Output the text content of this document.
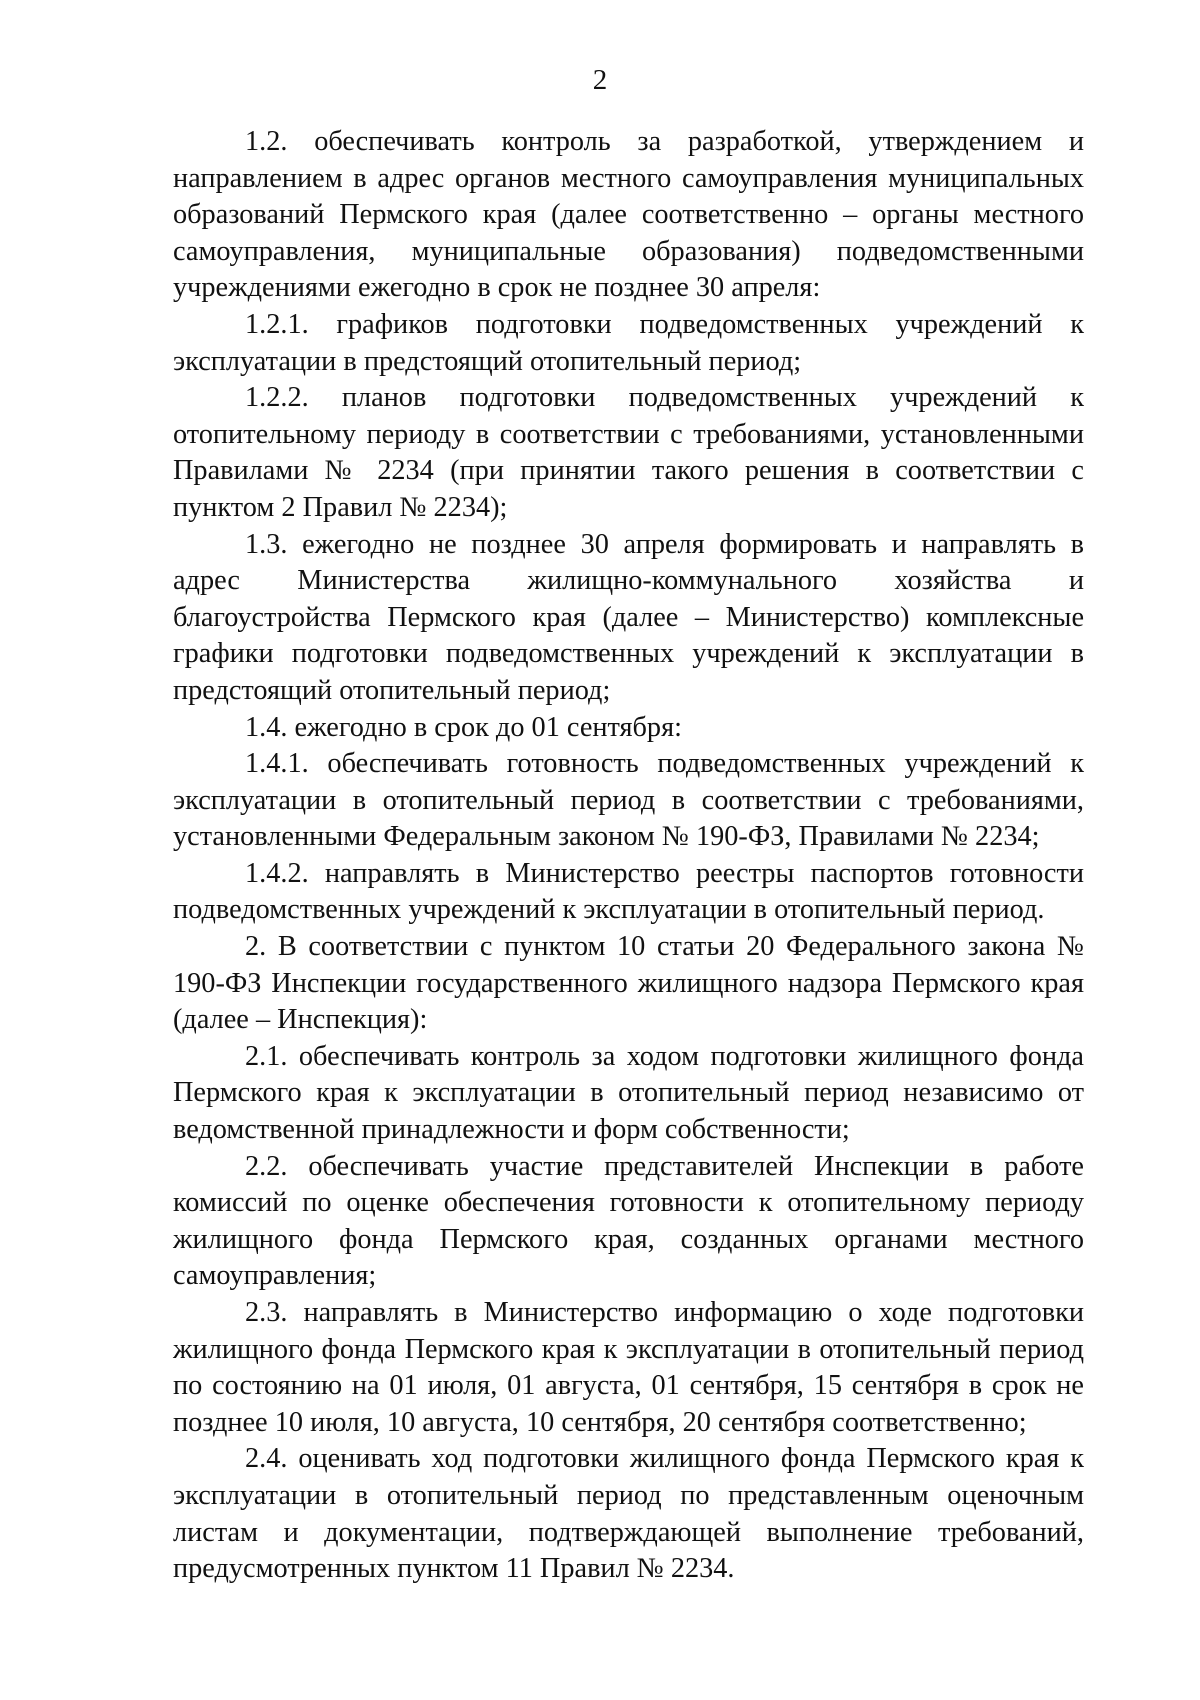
2

1.2. обеспечивать контроль за разработкой, утверждением и направлением в адрес органов местного самоуправления муниципальных образований Пермского края (далее соответственно – органы местного самоуправления, муниципальные образования) подведомственными учреждениями ежегодно в срок не позднее 30 апреля:

1.2.1. графиков подготовки подведомственных учреждений к эксплуатации в предстоящий отопительный период;

1.2.2. планов подготовки подведомственных учреждений к отопительному периоду в соответствии с требованиями, установленными Правилами № 2234 (при принятии такого решения в соответствии с пунктом 2 Правил № 2234);

1.3. ежегодно не позднее 30 апреля формировать и направлять в адрес Министерства жилищно-коммунального хозяйства и благоустройства Пермского края (далее – Министерство) комплексные графики подготовки подведомственных учреждений к эксплуатации в предстоящий отопительный период;

1.4. ежегодно в срок до 01 сентября:

1.4.1. обеспечивать готовность подведомственных учреждений к эксплуатации в отопительный период в соответствии с требованиями, установленными Федеральным законом № 190-ФЗ, Правилами № 2234;

1.4.2. направлять в Министерство реестры паспортов готовности подведомственных учреждений к эксплуатации в отопительный период.

2. В соответствии с пунктом 10 статьи 20 Федерального закона № 190-ФЗ Инспекции государственного жилищного надзора Пермского края (далее – Инспекция):

2.1. обеспечивать контроль за ходом подготовки жилищного фонда Пермского края к эксплуатации в отопительный период независимо от ведомственной принадлежности и форм собственности;

2.2. обеспечивать участие представителей Инспекции в работе комиссий по оценке обеспечения готовности к отопительному периоду жилищного фонда Пермского края, созданных органами местного самоуправления;

2.3. направлять в Министерство информацию о ходе подготовки жилищного фонда Пермского края к эксплуатации в отопительный период по состоянию на 01 июля, 01 августа, 01 сентября, 15 сентября в срок не позднее 10 июля, 10 августа, 10 сентября, 20 сентября соответственно;

2.4. оценивать ход подготовки жилищного фонда Пермского края к эксплуатации в отопительный период по представленным оценочным листам и документации, подтверждающей выполнение требований, предусмотренных пунктом 11 Правил № 2234.
